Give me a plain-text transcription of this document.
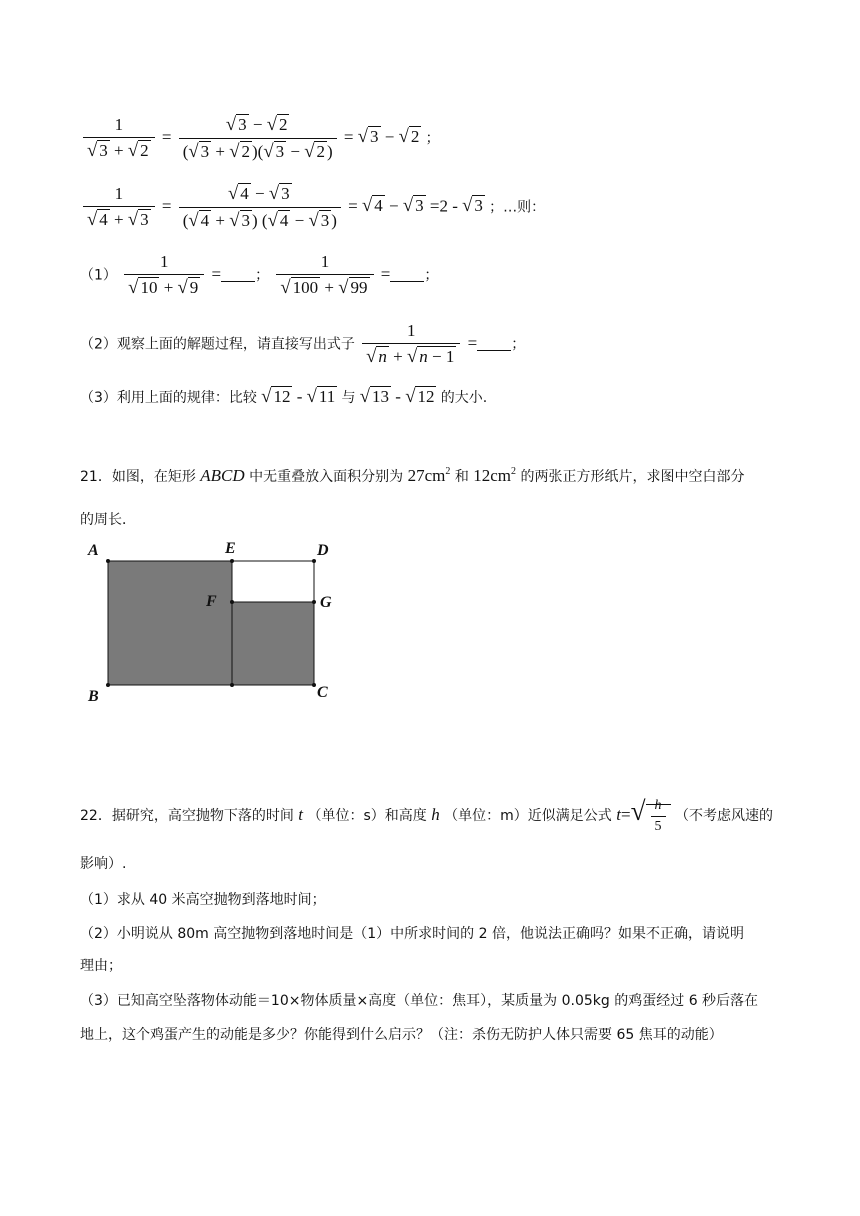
$\frac{1}{√ 3 + √ 2} = \frac{√ 3 - √ 2}{(√ 3 + √ 2 )(√ 3 - √ 2 )}$ = √ 3 − √ 2 ；
$\frac{1}{√ 4 + √ 3} = \frac{√ 4 - √ 3}{(√ 4 + √ 3 ) (√ 4 - √ 3 )}$ = √ 4 − √ 3 =2 - √ 3 ；…则：
$(1) \frac{1}{√ 10 + √ 9}$ = ； $\frac{1}{√ 100 + √ 99}$ = ；
（2）观察上面的解题过程，请直接写出式子 $\frac{1}{√ n + √ n - 1}$ = ；
（3）利用上面的规律：比较 √ 12 - √ 11 与 √ 13 - √ 12 的大小.
21．如图，在矩形 ABCD 中无重叠放入面积分别为 $27cm^2$ 和 $12cm^2$ 的两张正方形纸片，求图中空白部分
的周长．
A	E	D
F	G
B	C
22．据研究，高空抛物下落的时间 t （单位：s）和高度 h （单位：m）近似满足公式 $t=√ \frac{h}{5}$ （不考虑风速的
影响）.
（1）求从 40 米高空抛物到落地时间；
（2）小明说从 80m 高空抛物到落地时间是（1）中所求时间的 2 倍，他说法正确吗？如果不正确，请说明
理由；
（3）已知高空坠落物体动能＝10×物体质量×高度（单位：焦耳），某质量为 0.05kg 的鸡蛋经过 6 秒后落在
地上，这个鸡蛋产生的动能是多少？你能得到什么启示？（注：杀伤无防护人体只需要 65 焦耳的动能）
